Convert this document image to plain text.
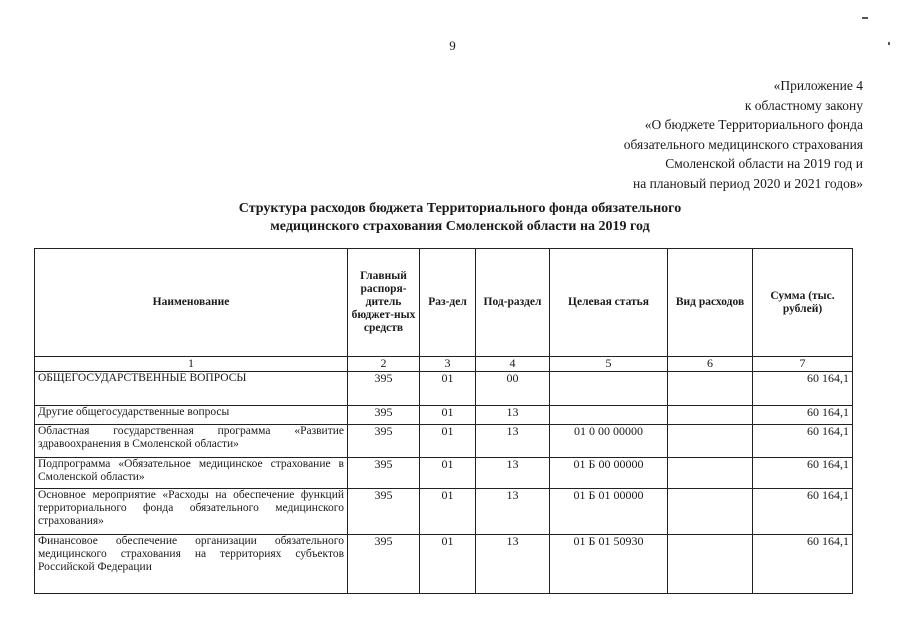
9
«Приложение 4
к областному закону
«О бюджете Территориального фонда
обязательного медицинского страхования
Смоленской области на 2019 год и
на плановый период 2020 и 2021 годов»
Структура расходов бюджета Территориального фонда обязательного
медицинского страхования Смоленской области на 2019 год
Наименование	Главный распоря-дитель бюджет-ных средств	Раз-дел	Под-раздел	Целевая статья	Вид расходов	Сумма (тыс. рублей)
1	2	3	4	5	6	7
ОБЩЕГОСУДАРСТВЕННЫЕ ВОПРОСЫ	395	01	00			60 164,1
Другие общегосударственные вопросы	395	01	13			60 164,1
Областная государственная программа «Развитие здравоохранения в Смоленской области»	395	01	13	01 0 00 00000		60 164,1
Подпрограмма «Обязательное медицинское страхование в Смоленской области»	395	01	13	01 Б 00 00000		60 164,1
Основное мероприятие «Расходы на обеспечение функций территориального фонда обязательного медицинского страхования»	395	01	13	01 Б 01 00000		60 164,1
Финансовое обеспечение организации обязательного медицинского страхования на территориях субъектов Российской Федерации	395	01	13	01 Б 01 50930		60 164,1
